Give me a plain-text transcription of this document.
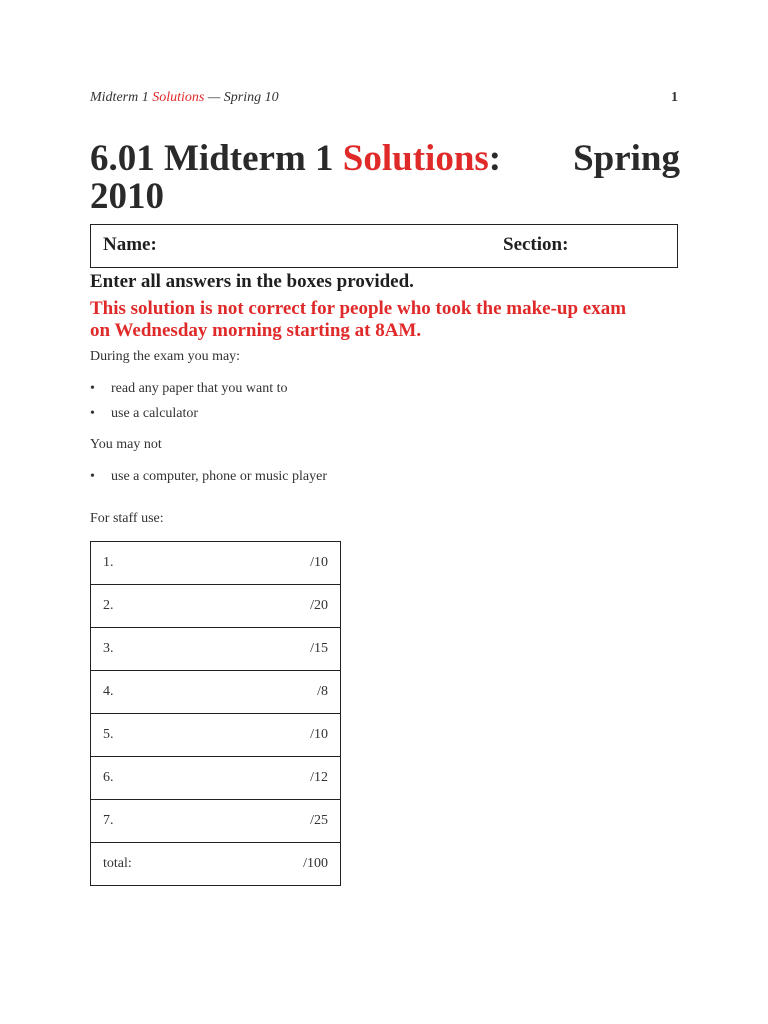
Midterm 1 Solutions — Spring 10	1
6.01 Midterm 1 Solutions: Spring
2010
Name:	Section:

Enter all answers in the boxes provided.

This solution is not correct for people who took the make-up exam
on Wednesday morning starting at 8AM.

During the exam you may:

• read any paper that you want to
• use a calculator

You may not

• use a computer, phone or music player

For staff use:

1.	/10
2.	/20
3.	/15
4.	/8
5.	/10
6.	/12
7.	/25
total:	/100
